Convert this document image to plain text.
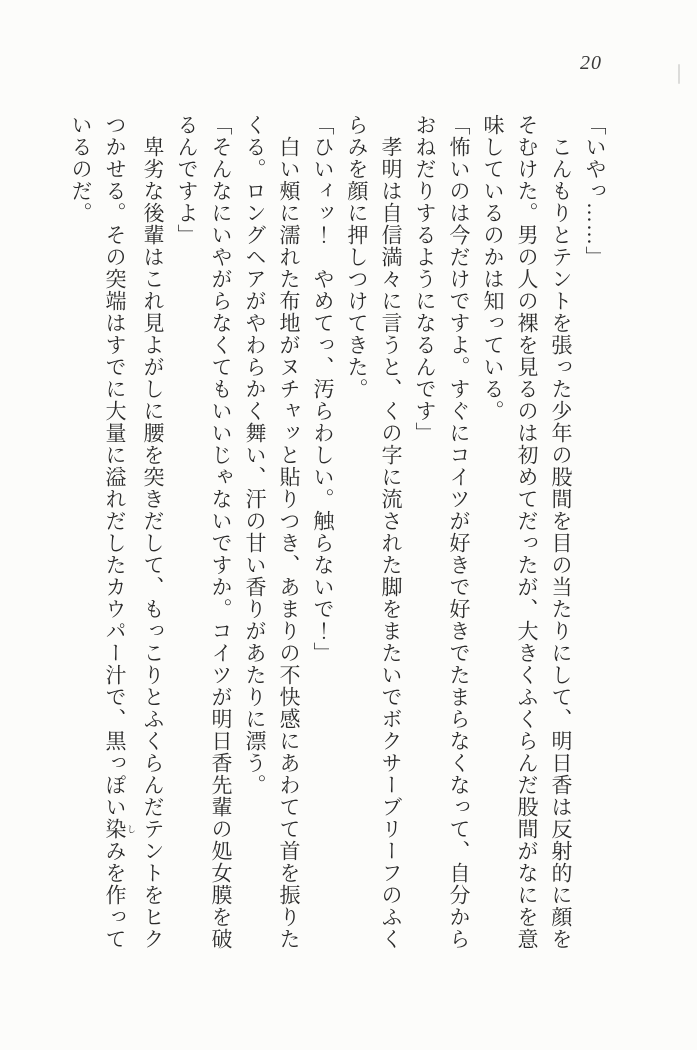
20

「いやっ……」

こんもりとテントを張った少年の股間を目の当たりにして、明日香は反射的に顔を

そむけた。男の人の裸を見るのは初めてだったが、大きくふくらんだ股間がなにを意

味しているのかは知っている。

「怖いのは今だけですよ。すぐにコイツが好きで好きでたまらなくなって、自分から

おねだりするようになるんです」

孝明は自信満々に言うと、くの字に流された脚をまたいでボクサーブリーフのふく

らみを顔に押しつけてきた。

「ひいィッ！　やめてっ、汚らわしい。触らないで！」

白い頰に濡れた布地がヌチャッと貼りつき、あまりの不快感にあわてて首を振りた

くる。ロングヘアがやわらかく舞い、汗の甘い香りがあたりに漂う。

「そんなにいやがらなくてもいいじゃないですか。コイツが明日香先輩の処女膜を破

るんですよ」

卑劣な後輩はこれ見よがしに腰を突きだして、もっこりとふくらんだテントをヒク

つかせる。その突端はすでに大量に溢れだしたカウパー汁で、黒っぽい染 しみを作って

いるのだ。
